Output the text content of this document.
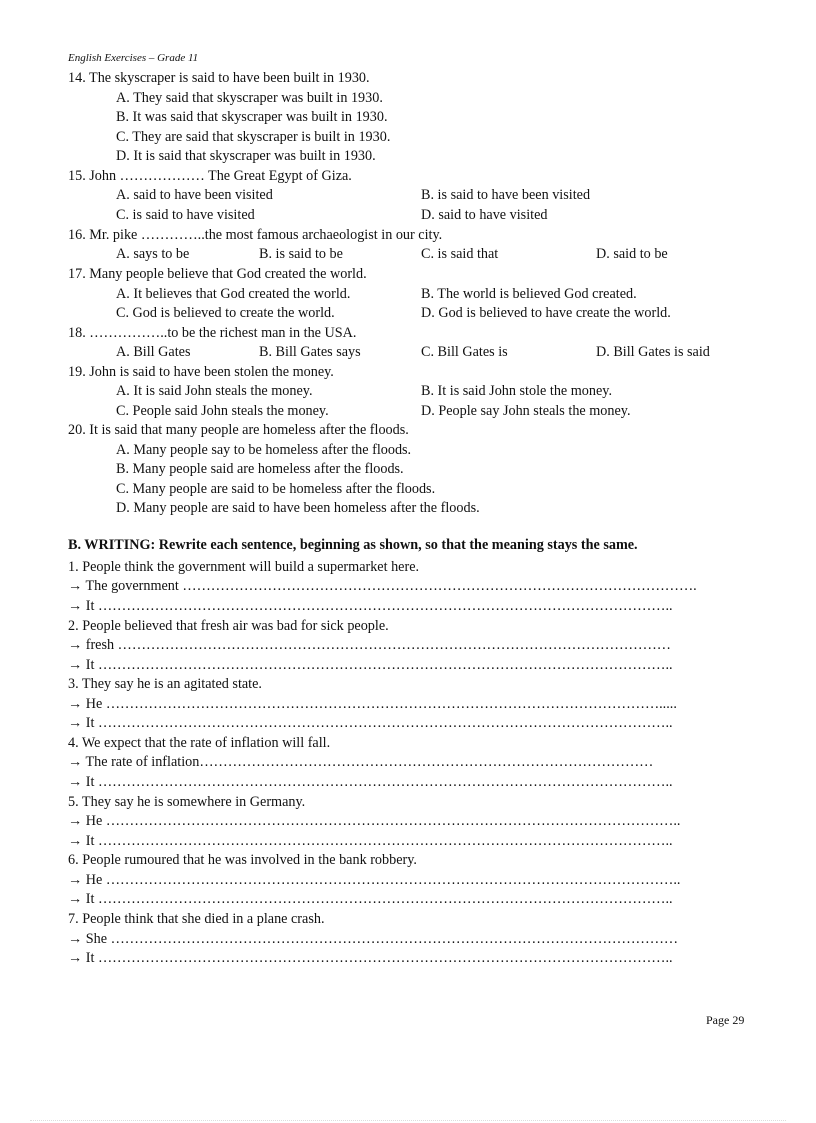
English Exercises – Grade 11
14. The skyscraper is said to have been built in 1930.
A. They said that skyscraper was built in 1930.
B. It was said that skyscraper was built in 1930.
C. They are said that skyscraper is built in 1930.
D. It is said that skyscraper was built in 1930.
15. John ……………… The Great Egypt of Giza.
A. said to have been visited	B. is said to have been visited
C. is said to have visited	D. said to have visited
16. Mr. pike …………..the most famous archaeologist in our city.
A. says to be	B. is said to be	C. is said that	D. said to be
17. Many people believe that God created the world.
A. It believes that God created the world.	B. The world is believed God created.
C. God is believed to create the world.	D. God is believed to have create the world.
18. ……………..to be the richest man in the USA.
A. Bill Gates	B. Bill Gates says	C. Bill Gates is	D. Bill Gates is said
19. John is said to have been stolen the money.
A. It is said John steals the money.	B. It is said John stole the money.
C. People said John steals the money.	D. People say John steals the money.
20. It is said that many people are homeless after the floods.
A. Many people say to be homeless after the floods.
B. Many people said are homeless after the floods.
C. Many people are said to be homeless after the floods.
D. Many people are said to have been homeless after the floods.
B. WRITING: Rewrite each sentence, beginning as shown, so that the meaning stays the same.
1. People think the government will build a supermarket here.
→ The government ……………………………………………………………………………………………….
→ It …………………………………………………………………………………………………………..
2. People believed that fresh air was bad for sick people.
→ fresh ………………………………………………………………………………………………………
→ It …………………………………………………………………………………………………………..
3. They say he is an agitated state.
→ He ……………………………………………………………………………………………………….....
→ It …………………………………………………………………………………………………………..
4. We expect that the rate of inflation will fall.
→ The rate of inflation……………………………………………………………………………………
→ It …………………………………………………………………………………………………………..
5. They say he is somewhere in Germany.
→ He …………………………………………………………………………………………………………..
→ It …………………………………………………………………………………………………………..
6. People rumoured that he was involved in the bank robbery.
→ He …………………………………………………………………………………………………………..
→ It …………………………………………………………………………………………………………..
7. People think that she died in a plane crash.
→ She …………………………………………………………………………………………………………
→ It …………………………………………………………………………………………………………..
Page 29
